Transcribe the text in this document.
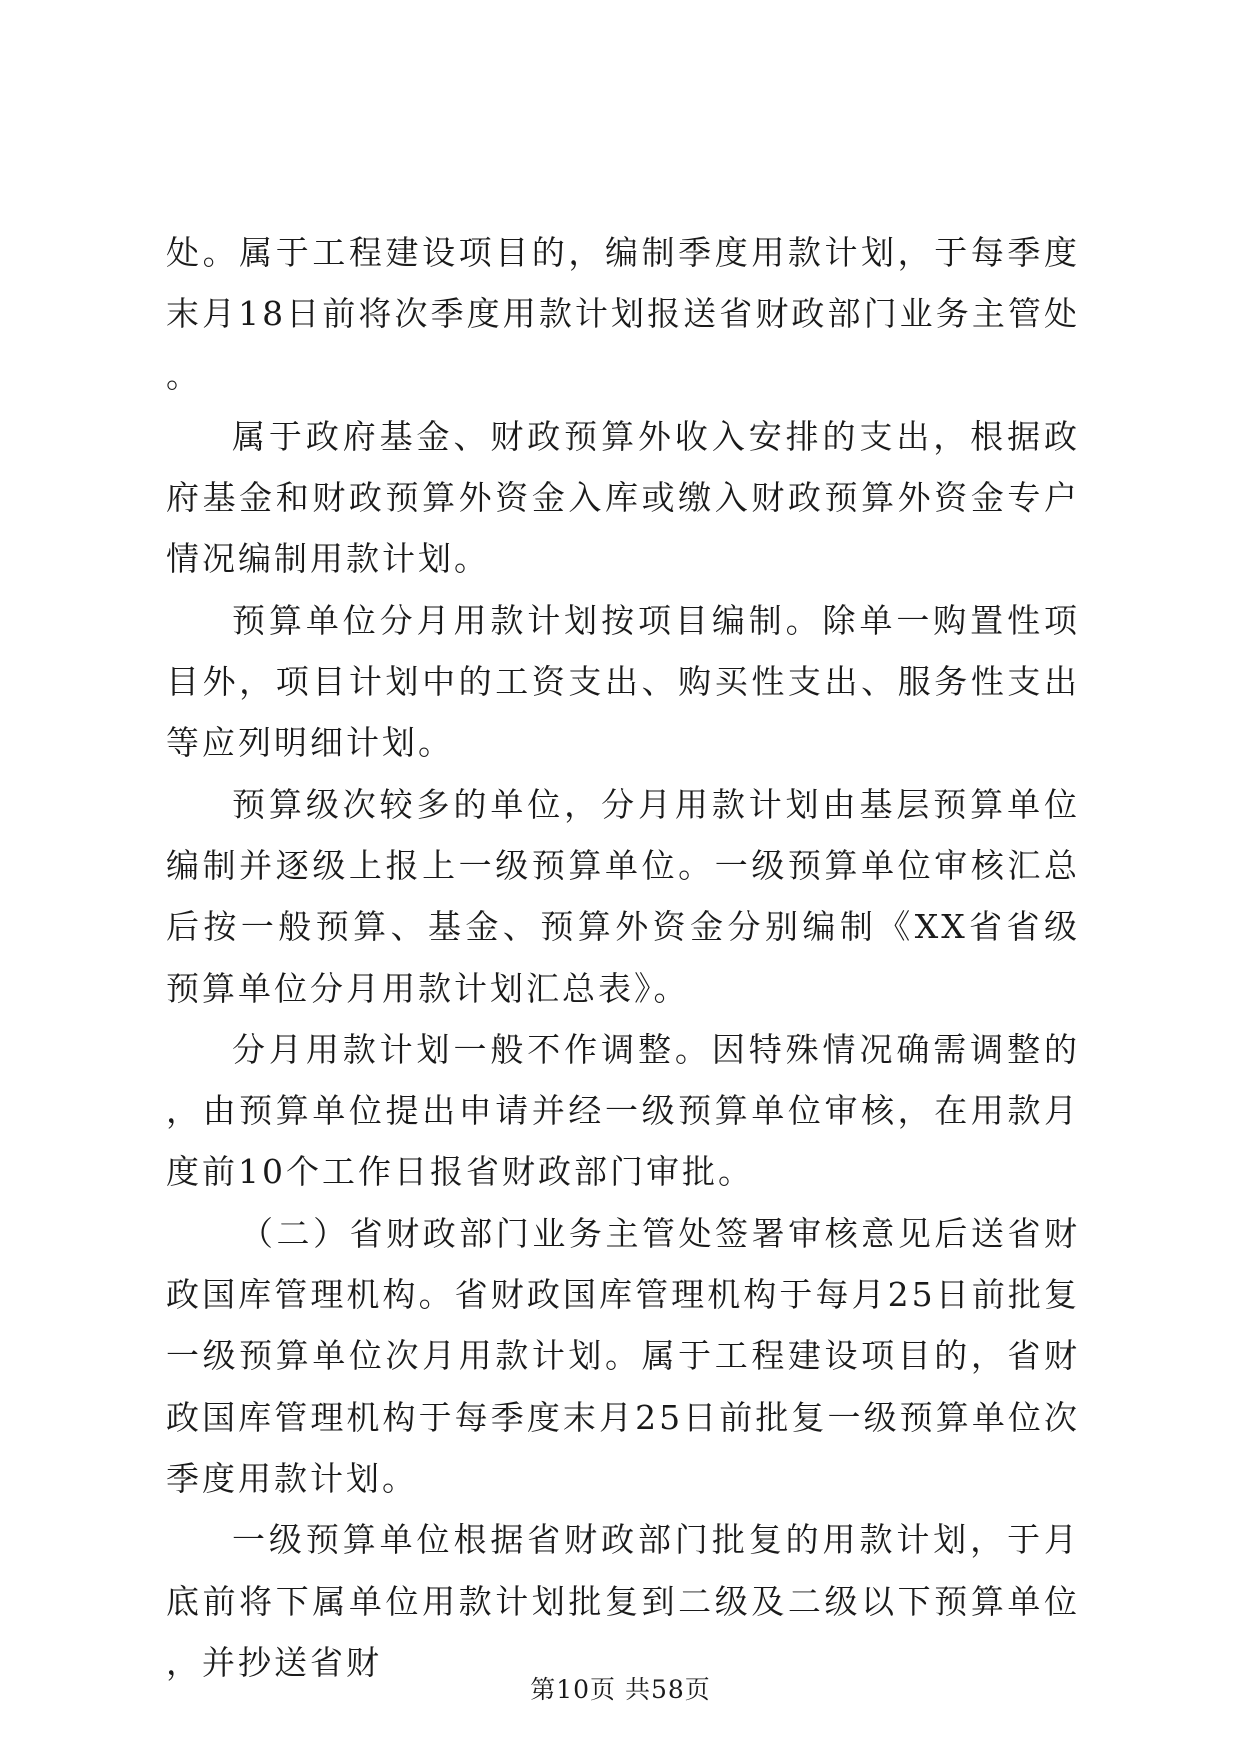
处。属于工程建设项目的，编制季度用款计划，于每季度末月18日前将次季度用款计划报送省财政部门业务主管处。

属于政府基金、财政预算外收入安排的支出，根据政府基金和财政预算外资金入库或缴入财政预算外资金专户情况编制用款计划。

预算单位分月用款计划按项目编制。除单一购置性项目外，项目计划中的工资支出、购买性支出、服务性支出等应列明细计划。

预算级次较多的单位，分月用款计划由基层预算单位编制并逐级上报上一级预算单位。一级预算单位审核汇总后按一般预算、基金、预算外资金分别编制《XX省省级预算单位分月用款计划汇总表》。

分月用款计划一般不作调整。因特殊情况确需调整的，由预算单位提出申请并经一级预算单位审核，在用款月度前10个工作日报省财政部门审批。

（二）省财政部门业务主管处签署审核意见后送省财政国库管理机构。省财政国库管理机构于每月25日前批复一级预算单位次月用款计划。属于工程建设项目的，省财政国库管理机构于每季度末月25日前批复一级预算单位次季度用款计划。

一级预算单位根据省财政部门批复的用款计划，于月底前将下属单位用款计划批复到二级及二级以下预算单位，并抄送省财

第10页 共58页
